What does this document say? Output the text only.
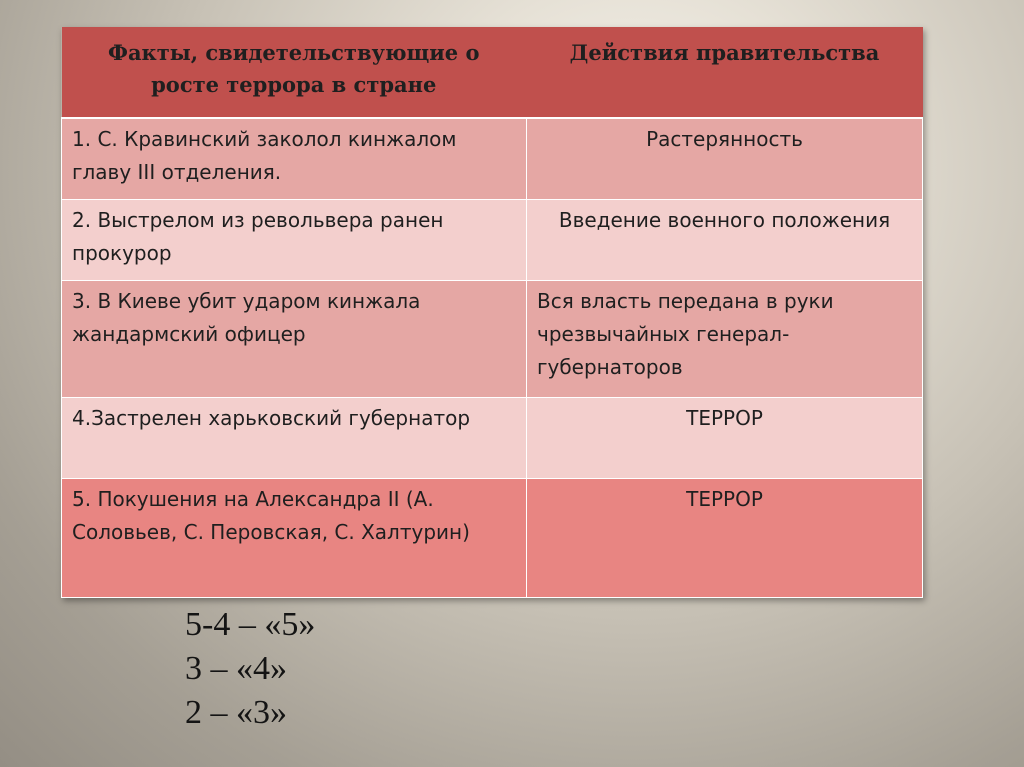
Факты, свидетельствующие о роcте террора в стране	Действия правительства
1. С. Кравинский заколол кинжалом главу III отделения.	Растерянность
2. Выстрелом из револьвера ранен прокурор	Введение военного положения
3. В Киеве убит ударом кинжала жандармский офицер	Вся власть передана в руки чрезвычайных генерал-губернаторов
4.Застрелен харьковский губернатор	ТЕРРОР
5. Покушения на Александра II (А. Соловьев, С. Перовская, С. Халтурин)	ТЕРРОР
5-4 – «5»
3 – «4»
2 – «3»
